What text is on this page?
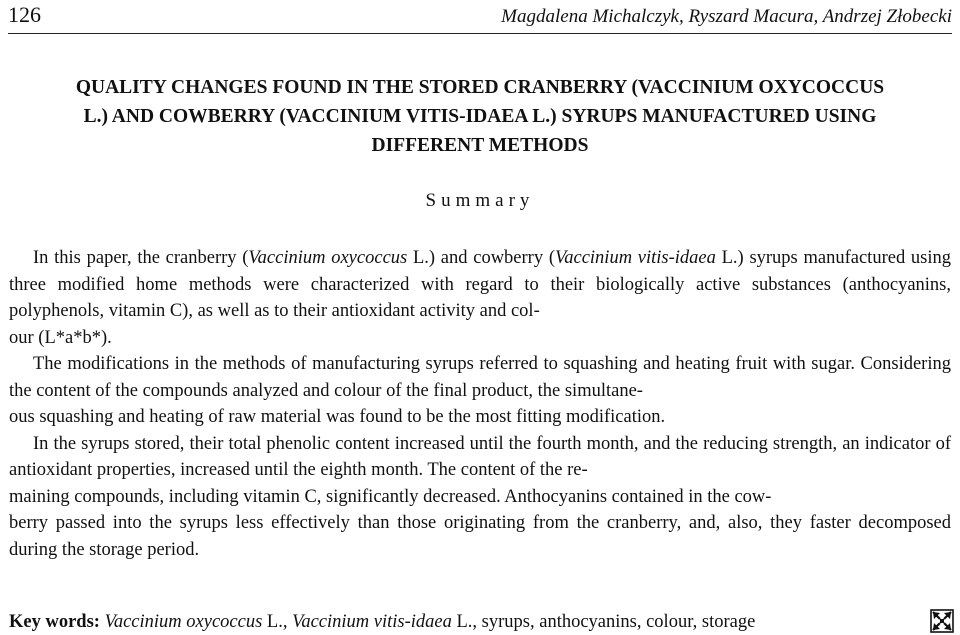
126	Magdalena Michalczyk, Ryszard Macura, Andrzej Złobecki
QUALITY CHANGES FOUND IN THE STORED CRANBERRY (VACCINIUM OXYCOCCUS
L.) AND COWBERRY (VACCINIUM VITIS-IDAEA L.) SYRUPS MANUFACTURED USING
DIFFERENT METHODS
Summary

In this paper, the cranberry (Vaccinium oxycoccus L.) and cowberry (Vaccinium vitis-idaea L.) syrups manufactured using three modified home methods were characterized with regard to their biologically active substances (anthocyanins, polyphenols, vitamin C), as well as to their antioxidant activity and col -
our (L*a*b*).

The modifications in the methods of manufacturing syrups referred to squashing and heating fruit with sugar. Considering the content of the compounds analyzed and colour of the final product, the simultane -
ous squashing and heating of raw material was found to be the most fitting modification.

In the syrups stored, their total phenolic content increased until the fourth month, and the reducing strength, an indicator of antioxidant properties, increased until the eighth month. The content of the re -
maining compounds, including vitamin C, significantly decreased. Anthocyanins contained in the cow -
berry passed into the syrups less effectively than those originating from the cranberry, and, also, they faster decomposed during the storage period.

Key words: Vaccinium oxycoccus L., Vaccinium vitis-idaea L., syrups, anthocyanins, colour, storage
